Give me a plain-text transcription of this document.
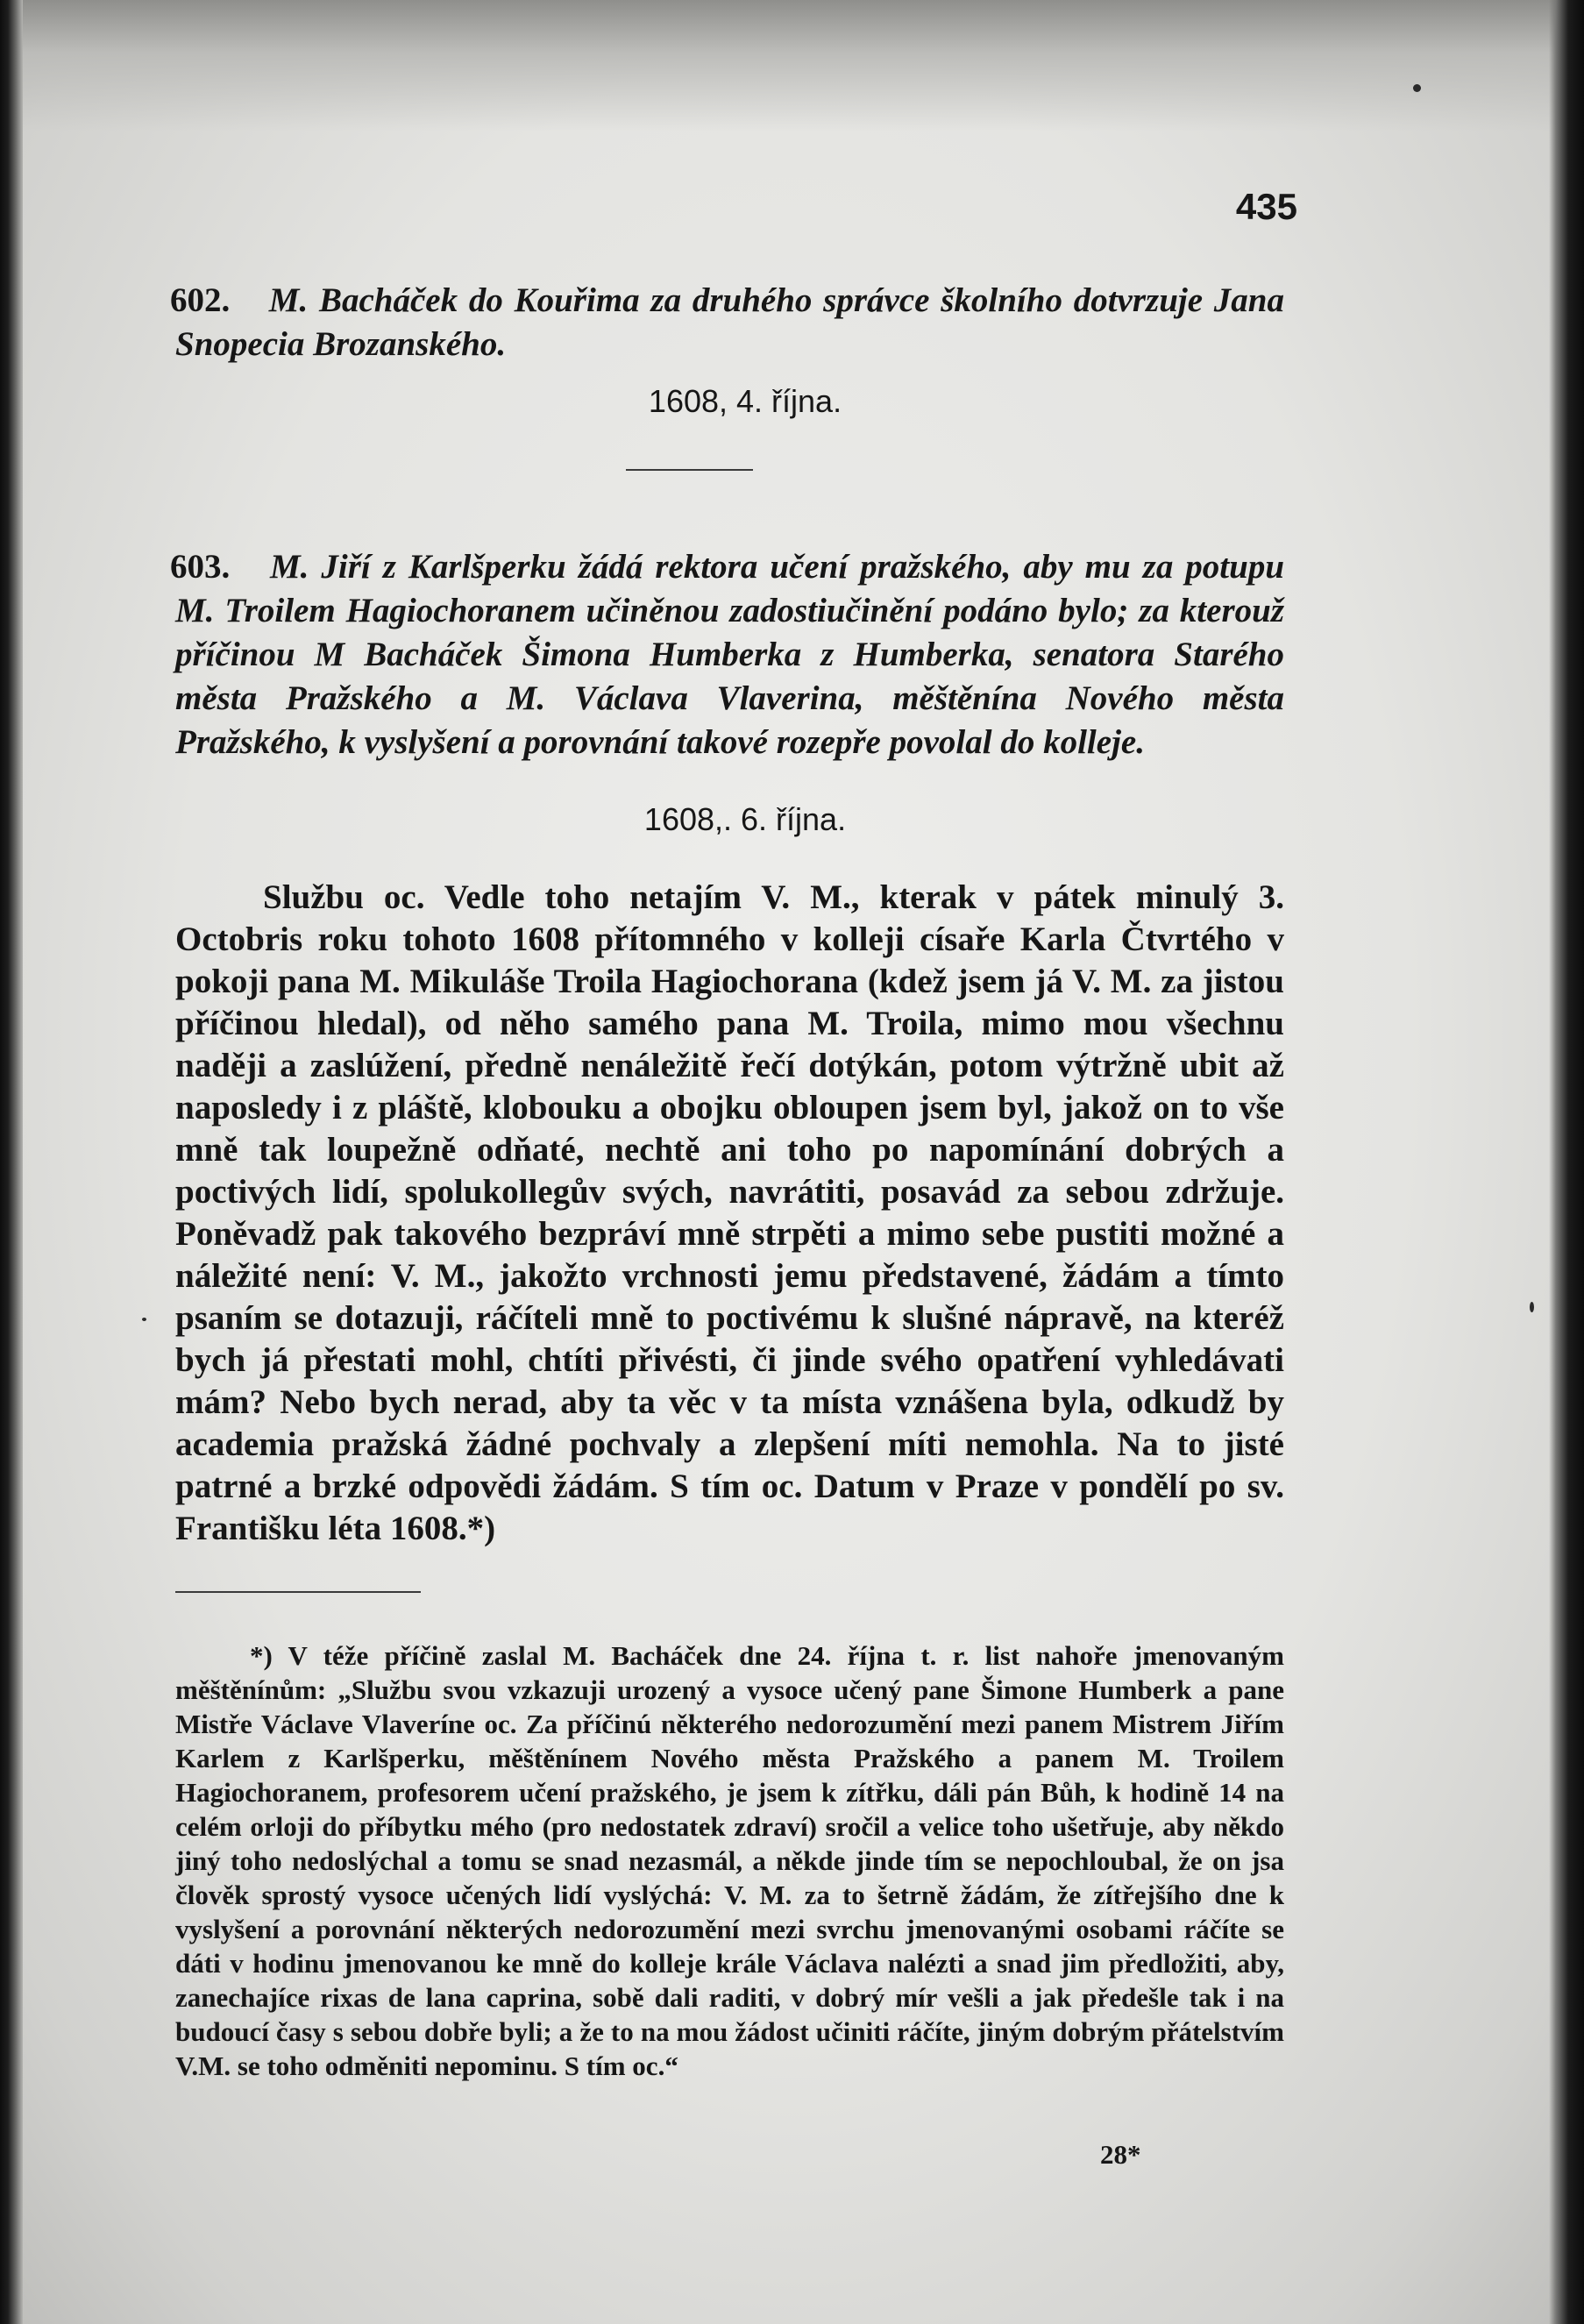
435
602. M. Bacháček do Kouřima za druhého správce školního dotvrzuje Jana Snopecia Brozanského.
1608, 4. října.
603. M. Jiří z Karlšperku žádá rektora učení pražského, aby mu za potupu M. Troilem Hagiochoranem učiněnou zadostiučinění podáno bylo; za kterouž příčinou M Bacháček Šimona Humberka z Humberka, senatora Starého města Pražského a M. Václava Vlaverina, měštěnína Nového města Pražského, k vyslyšení a porovnání takové rozepře povolal do kolleje.
1608,. 6. října.
Službu oc. Vedle toho netajím V. M., kterak v pátek minulý 3. Octobris roku tohoto 1608 přítomného v kolleji císaře Karla Čtvrtého v pokoji pana M. Mikuláše Troila Hagiochorana (kdež jsem já V. M. za jistou příčinou hledal), od něho samého pana M. Troila, mimo mou všechnu naději a zaslúžení, předně nenáležitě řečí dotýkán, potom výtržně ubit až naposledy i z pláště, klobouku a obojku obloupen jsem byl, jakož on to vše mně tak loupežně odňaté, nechtě ani toho po napomínání dobrých a poctivých lidí, spolukollegův svých, navrátiti, posavád za sebou zdržuje. Poněvadž pak takového bezpráví mně strpěti a mimo sebe pustiti možné a náležité není: V. M., jakožto vrchnosti jemu představené, žádám a tímto psaním se dotazuji, ráčíteli mně to poctivému k slušné nápravě, na kteréž bych já přestati mohl, chtíti přivésti, či jinde svého opatření vyhledávati mám? Nebo bych nerad, aby ta věc v ta místa vznášena byla, odkudž by academia pražská žádné pochvaly a zlepšení míti nemohla. Na to jisté patrné a brzké odpovědi žádám. S tím oc. Datum v Praze v pondělí po sv. Františku léta 1608.*)
*) V téže příčině zaslal M. Bacháček dne 24. října t. r. list nahoře jmenovaným měštěnínům: „Službu svou vzkazuji urozený a vysoce učený pane Šimone Humberk a pane Mistře Václave Vlaveríne oc. Za příčinú některého nedorozumění mezi panem Mistrem Jiřím Karlem z Karlšperku, měštěnínem Nového města Pražského a panem M. Troilem Hagiochoranem, profesorem učení pražského, je jsem k zítřku, dáli pán Bůh, k hodině 14 na celém orloji do příbytku mého (pro nedostatek zdraví) sročil a velice toho ušetřuje, aby někdo jiný toho nedoslýchal a tomu se snad nezasmál, a někde jinde tím se nepochloubal, že on jsa člověk sprostý vysoce učených lidí vyslýchá: V. M. za to šetrně žádám, že zítřejšího dne k vyslyšení a porovnání některých nedorozumění mezi svrchu jmenovanými osobami ráčíte se dáti v hodinu jmenovanou ke mně do kolleje krále Václava nalézti a snad jim předložiti, aby, zanechajíce rixas de lana caprina, sobě dali raditi, v dobrý mír vešli a jak předešle tak i na budoucí časy s sebou dobře byli; a že to na mou žádost učiniti ráčíte, jiným dobrým přátelstvím V.M. se toho odměniti nepominu. S tím oc.“
28*
